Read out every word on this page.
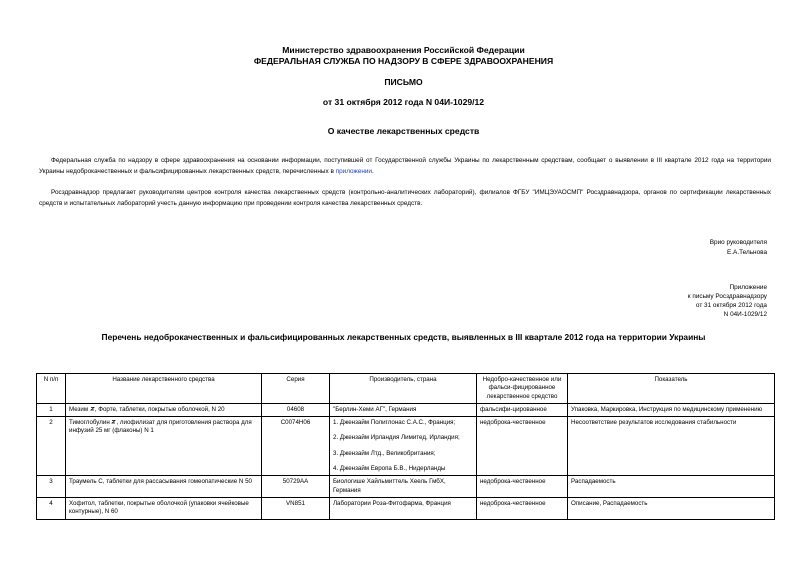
Министерство здравоохранения Российской Федерации
ФЕДЕРАЛЬНАЯ СЛУЖБА ПО НАДЗОРУ В СФЕРЕ ЗДРАВООХРАНЕНИЯ
ПИСЬМО
от 31 октября 2012 года N 04И-1029/12
О качестве лекарственных средств
Федеральная служба по надзору в сфере здравоохранения на основании информации, поступившей от Государственной службы Украины по лекарственным средствам, сообщает о выявлении в III квартале 2012 года на территории Украины недоброкачественных и фальсифицированных лекарственных средств, перечисленных в приложении.
Росздравнадзор предлагает руководителям центров контроля качества лекарственных средств (контрольно-аналитических лабораторий), филиалов ФГБУ "ИМЦЭУАОСМП" Росздравнадзора, органов по сертификации лекарственных средств и испытательных лабораторий учесть данную информацию при проведении контроля качества лекарственных средств.
Врио руководителя
Е.А.Тельнова
Приложение
к письму Росздравнадзору
от 31 октября 2012 года
N 04И-1029/12
Перечень недоброкачественных и фальсифицированных лекарственных средств, выявленных в III квартале 2012 года на территории Украины
N п/п	Название лекарственного средства	Серия	Производитель, страна	Недобро-качественное или фальси-фицированное лекарственное средство	Показатель
1	Мезим , Форте, таблетки, покрытые оболочкой, N 20	04608	"Берлин-Хеми АГ", Германия	фальсифи-цированное	Упаковка, Маркировка, Инструкция по медицинскому применению
2	Тимоглобулин , лиофилизат для приготовления раствора для инфузий 25 мг (флаконы) N 1	C0074H06	1. Джензайм Полиглонас С.А.С., Франция;
2. Джензайм Ирландия Лимитед, Ирландия;
3. Джензайм Лтд., Великобритания;
4. Джензайм Европа Б.В., Нидерланды	недоброка-чественное	Несоответствие результатов исследования стабильности
3	Траумель С, таблетки для рассасывания гомеопатические N 50	50729AA	Биологише Хайльмиттель Хеель ГмбХ, Германия	недоброка-чественное	Распадаемость
4	Хофитол, таблетки, покрытые оболочкой (упаковки ячейковые контурные), N 60	VN851	Лаборатории Роза-Фитофарма, Франция	недоброка-чественное	Описание, Распадаемость
